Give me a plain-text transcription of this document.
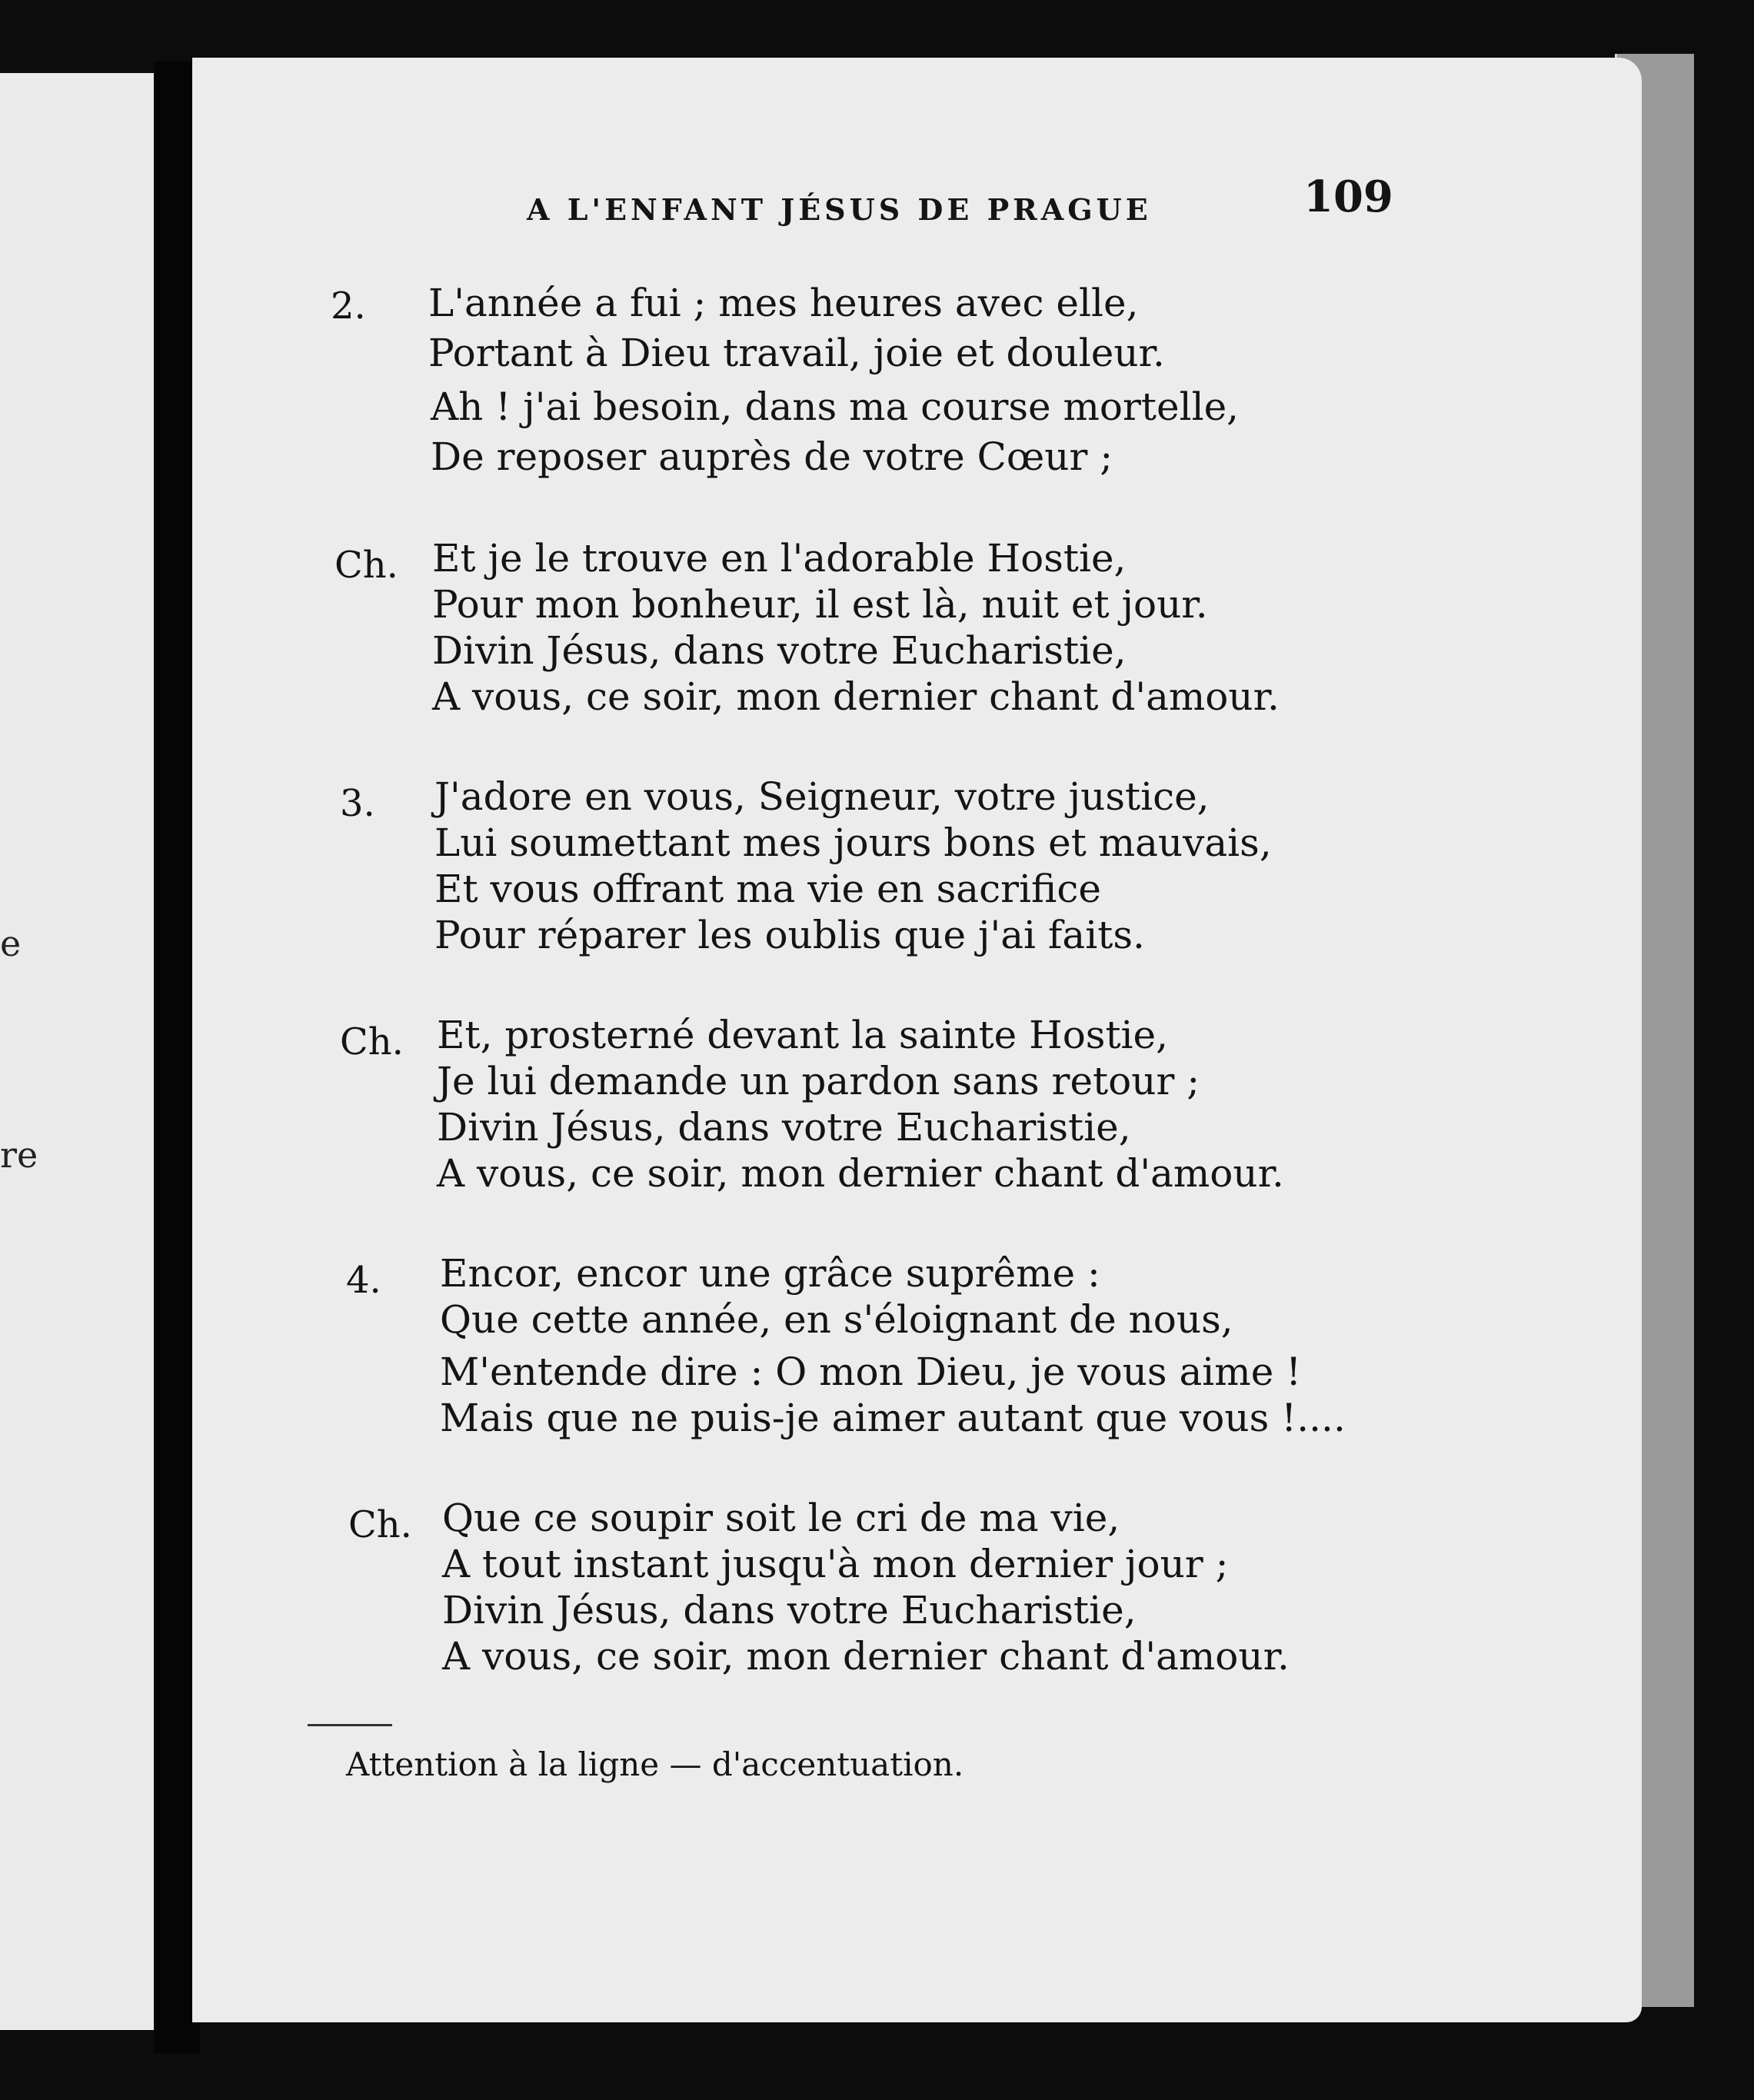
e
re
A L'ENFANT JÉSUS DE PRAGUE	109
2. L'année a fui ; mes heures avec elle,
Portant à Dieu travail, joie et douleur.
Ah ! j'ai besoin, dans ma course mortelle,
De reposer auprès de votre Cœur ;
Ch. Et je le trouve en l'adorable Hostie,
Pour mon bonheur, il est là, nuit et jour.
Divin Jésus, dans votre Eucharistie,
A vous, ce soir, mon dernier chant d'amour.
3. J'adore en vous, Seigneur, votre justice,
Lui soumettant mes jours bons et mauvais,
Et vous offrant ma vie en sacrifice
Pour réparer les oublis que j'ai faits.
Ch. Et, prosterné devant la sainte Hostie,
Je lui demande un pardon sans retour ;
Divin Jésus, dans votre Eucharistie,
A vous, ce soir, mon dernier chant d'amour.
4. Encor, encor une grâce suprême :
Que cette année, en s'éloignant de nous,
M'entende dire : O mon Dieu, je vous aime !
Mais que ne puis-je aimer autant que vous !....
Ch. Que ce soupir soit le cri de ma vie,
A tout instant jusqu'à mon dernier jour ;
Divin Jésus, dans votre Eucharistie,
A vous, ce soir, mon dernier chant d'amour.
Attention à la ligne — d'accentuation.
